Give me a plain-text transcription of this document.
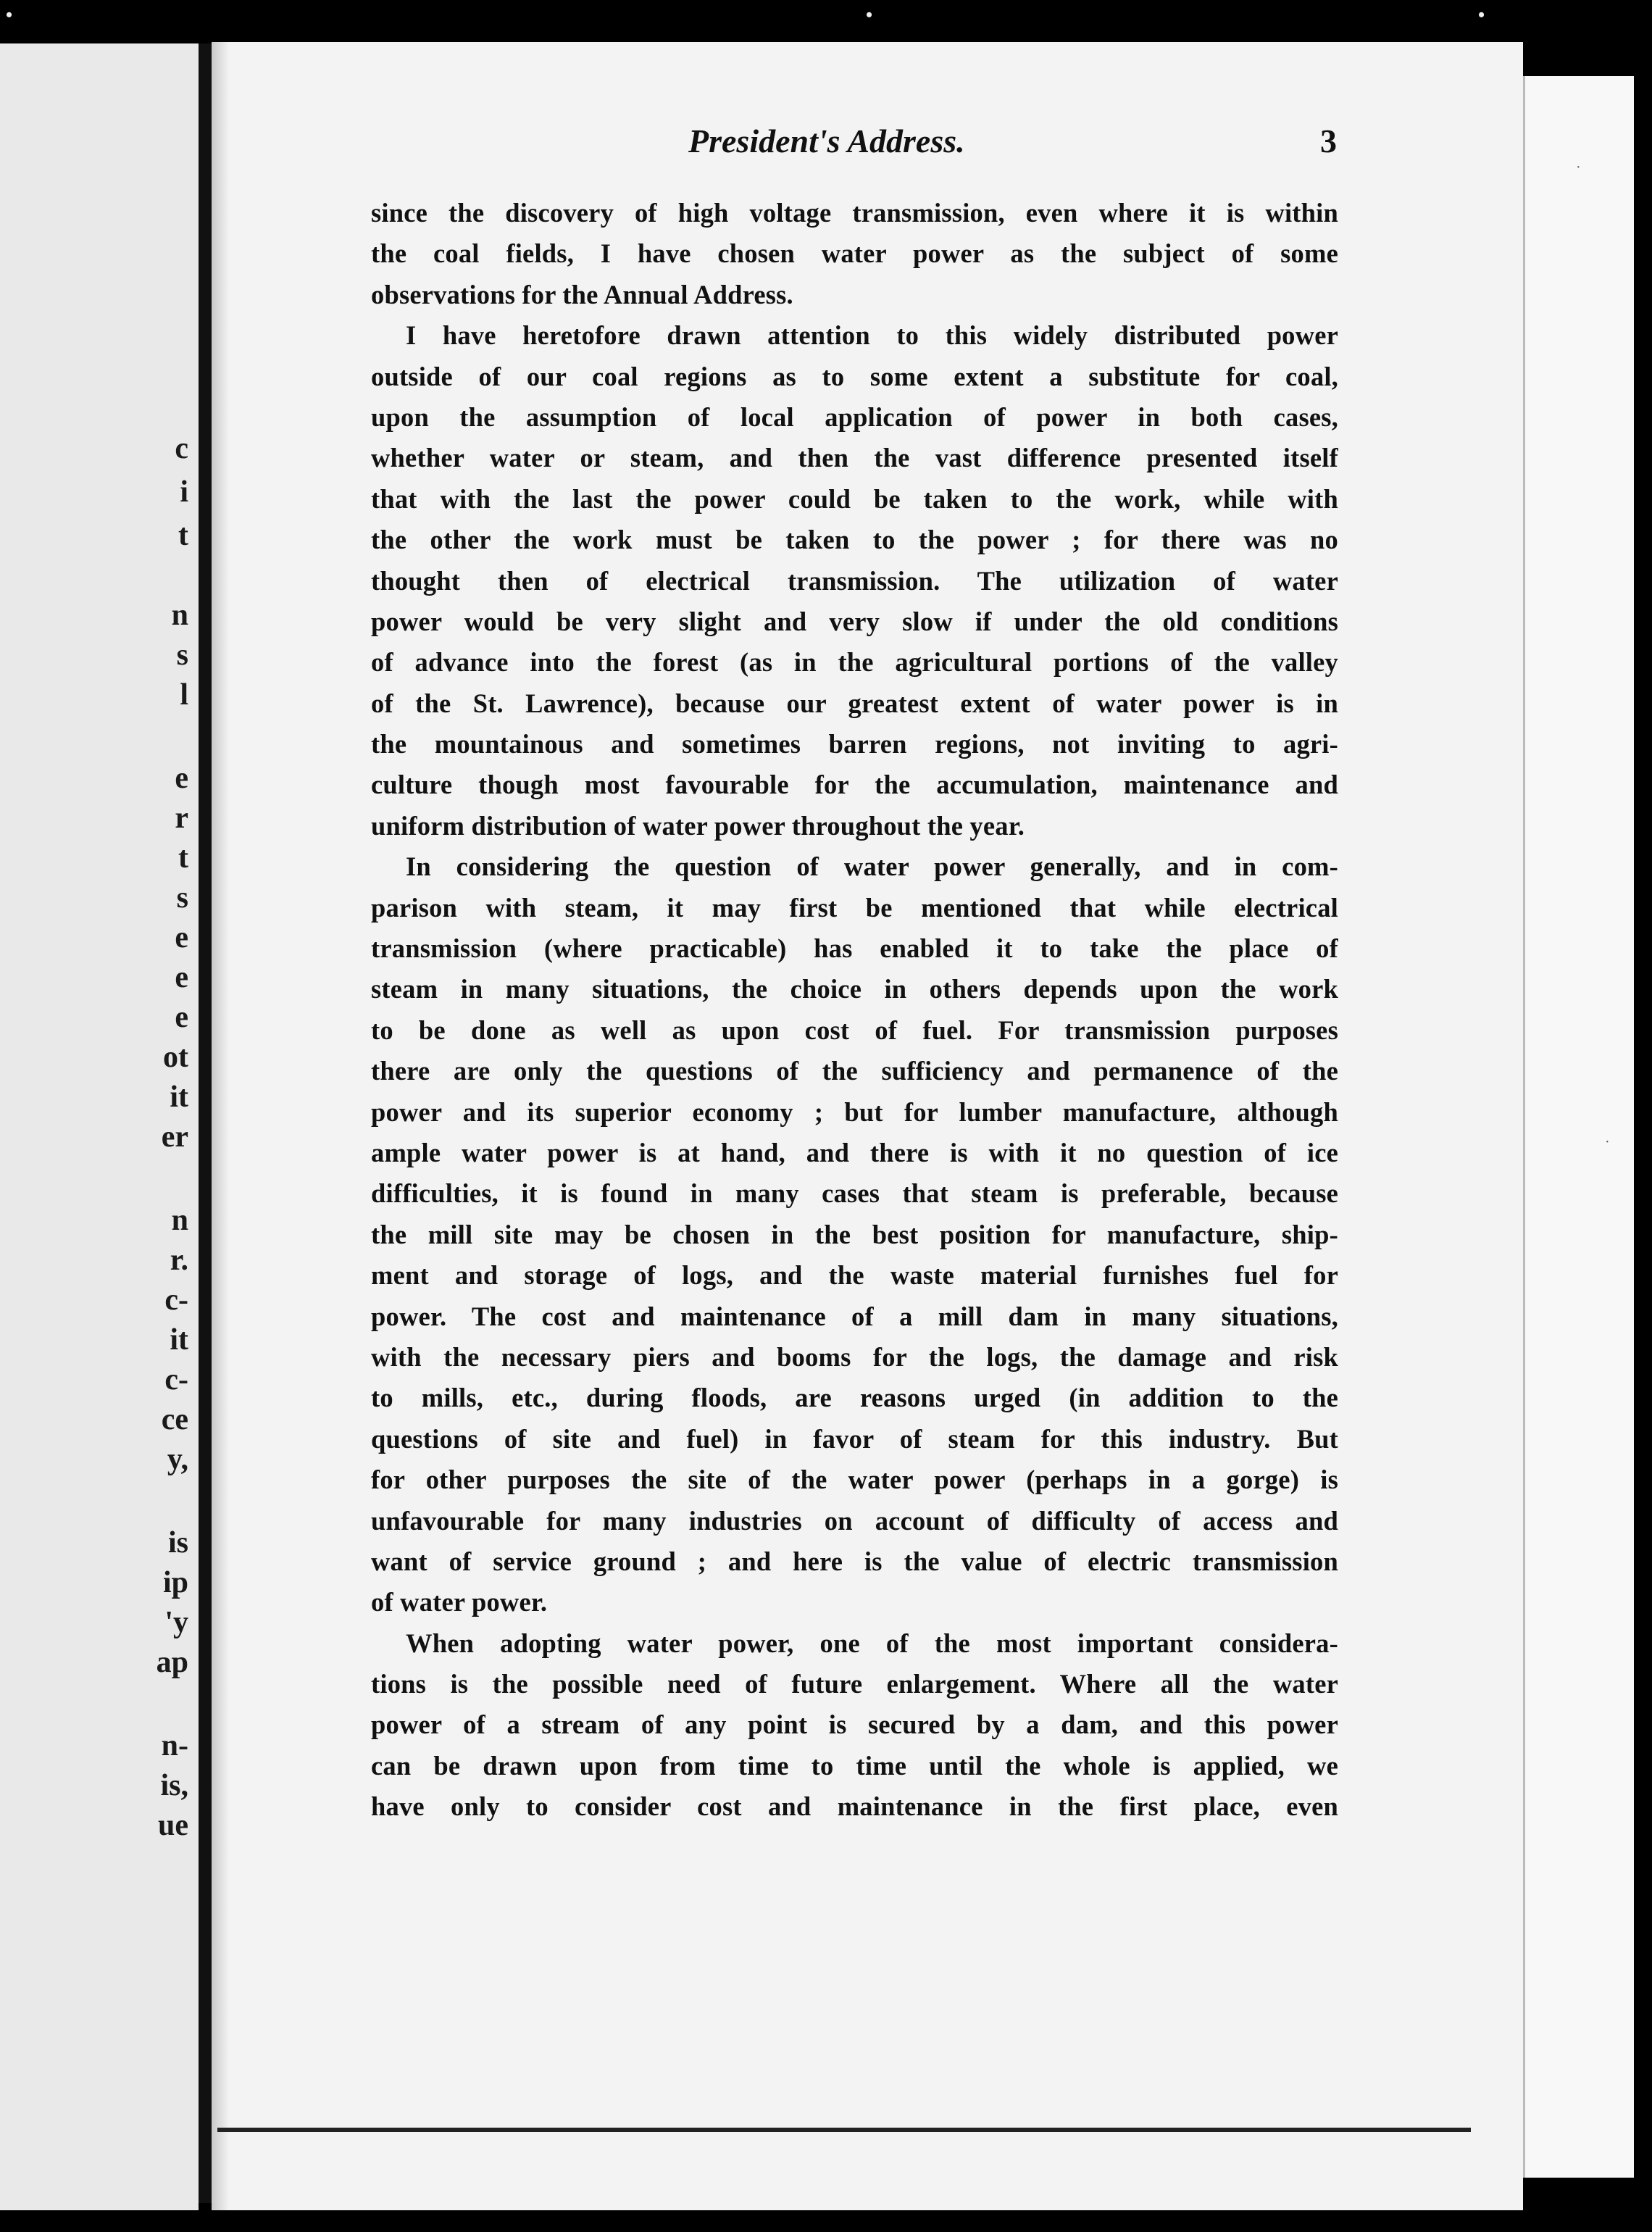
c
i
t
n
s
l
e
r
t
s
e
e
e
ot
it
er
n
r.
c-
it
c-
ce
y,
is
ip
'y
ap
n-
is,
ue
·
·
•	•	•
President's Address.	3
since the discovery of high voltage transmission, even where it is within
the coal fields, I have chosen water power as the subject of some
observations for the Annual Address.
I have heretofore drawn attention to this widely distributed power
outside of our coal regions as to some extent a substitute for coal,
upon the assumption of local application of power in both cases,
whether water or steam, and then the vast difference presented itself
that with the last the power could be taken to the work, while with
the other the work must be taken to the power ; for there was no
thought then of electrical transmission. The utilization of water
power would be very slight and very slow if under the old conditions
of advance into the forest (as in the agricultural portions of the valley
of the St. Lawrence), because our greatest extent of water power is in
the mountainous and sometimes barren regions, not inviting to agri-
culture though most favourable for the accumulation, maintenance and
uniform distribution of water power throughout the year.
In considering the question of water power generally, and in com-
parison with steam, it may first be mentioned that while electrical
transmission (where practicable) has enabled it to take the place of
steam in many situations, the choice in others depends upon the work
to be done as well as upon cost of fuel. For transmission purposes
there are only the questions of the sufficiency and permanence of the
power and its superior economy ; but for lumber manufacture, although
ample water power is at hand, and there is with it no question of ice
difficulties, it is found in many cases that steam is preferable, because
the mill site may be chosen in the best position for manufacture, ship-
ment and storage of logs, and the waste material furnishes fuel for
power. The cost and maintenance of a mill dam in many situations,
with the necessary piers and booms for the logs, the damage and risk
to mills, etc., during floods, are reasons urged (in addition to the
questions of site and fuel) in favor of steam for this industry. But
for other purposes the site of the water power (perhaps in a gorge) is
unfavourable for many industries on account of difficulty of access and
want of service ground ; and here is the value of electric transmission
of water power.
When adopting water power, one of the most important considera-
tions is the possible need of future enlargement. Where all the water
power of a stream of any point is secured by a dam, and this power
can be drawn upon from time to time until the whole is applied, we
have only to consider cost and maintenance in the first place, even
